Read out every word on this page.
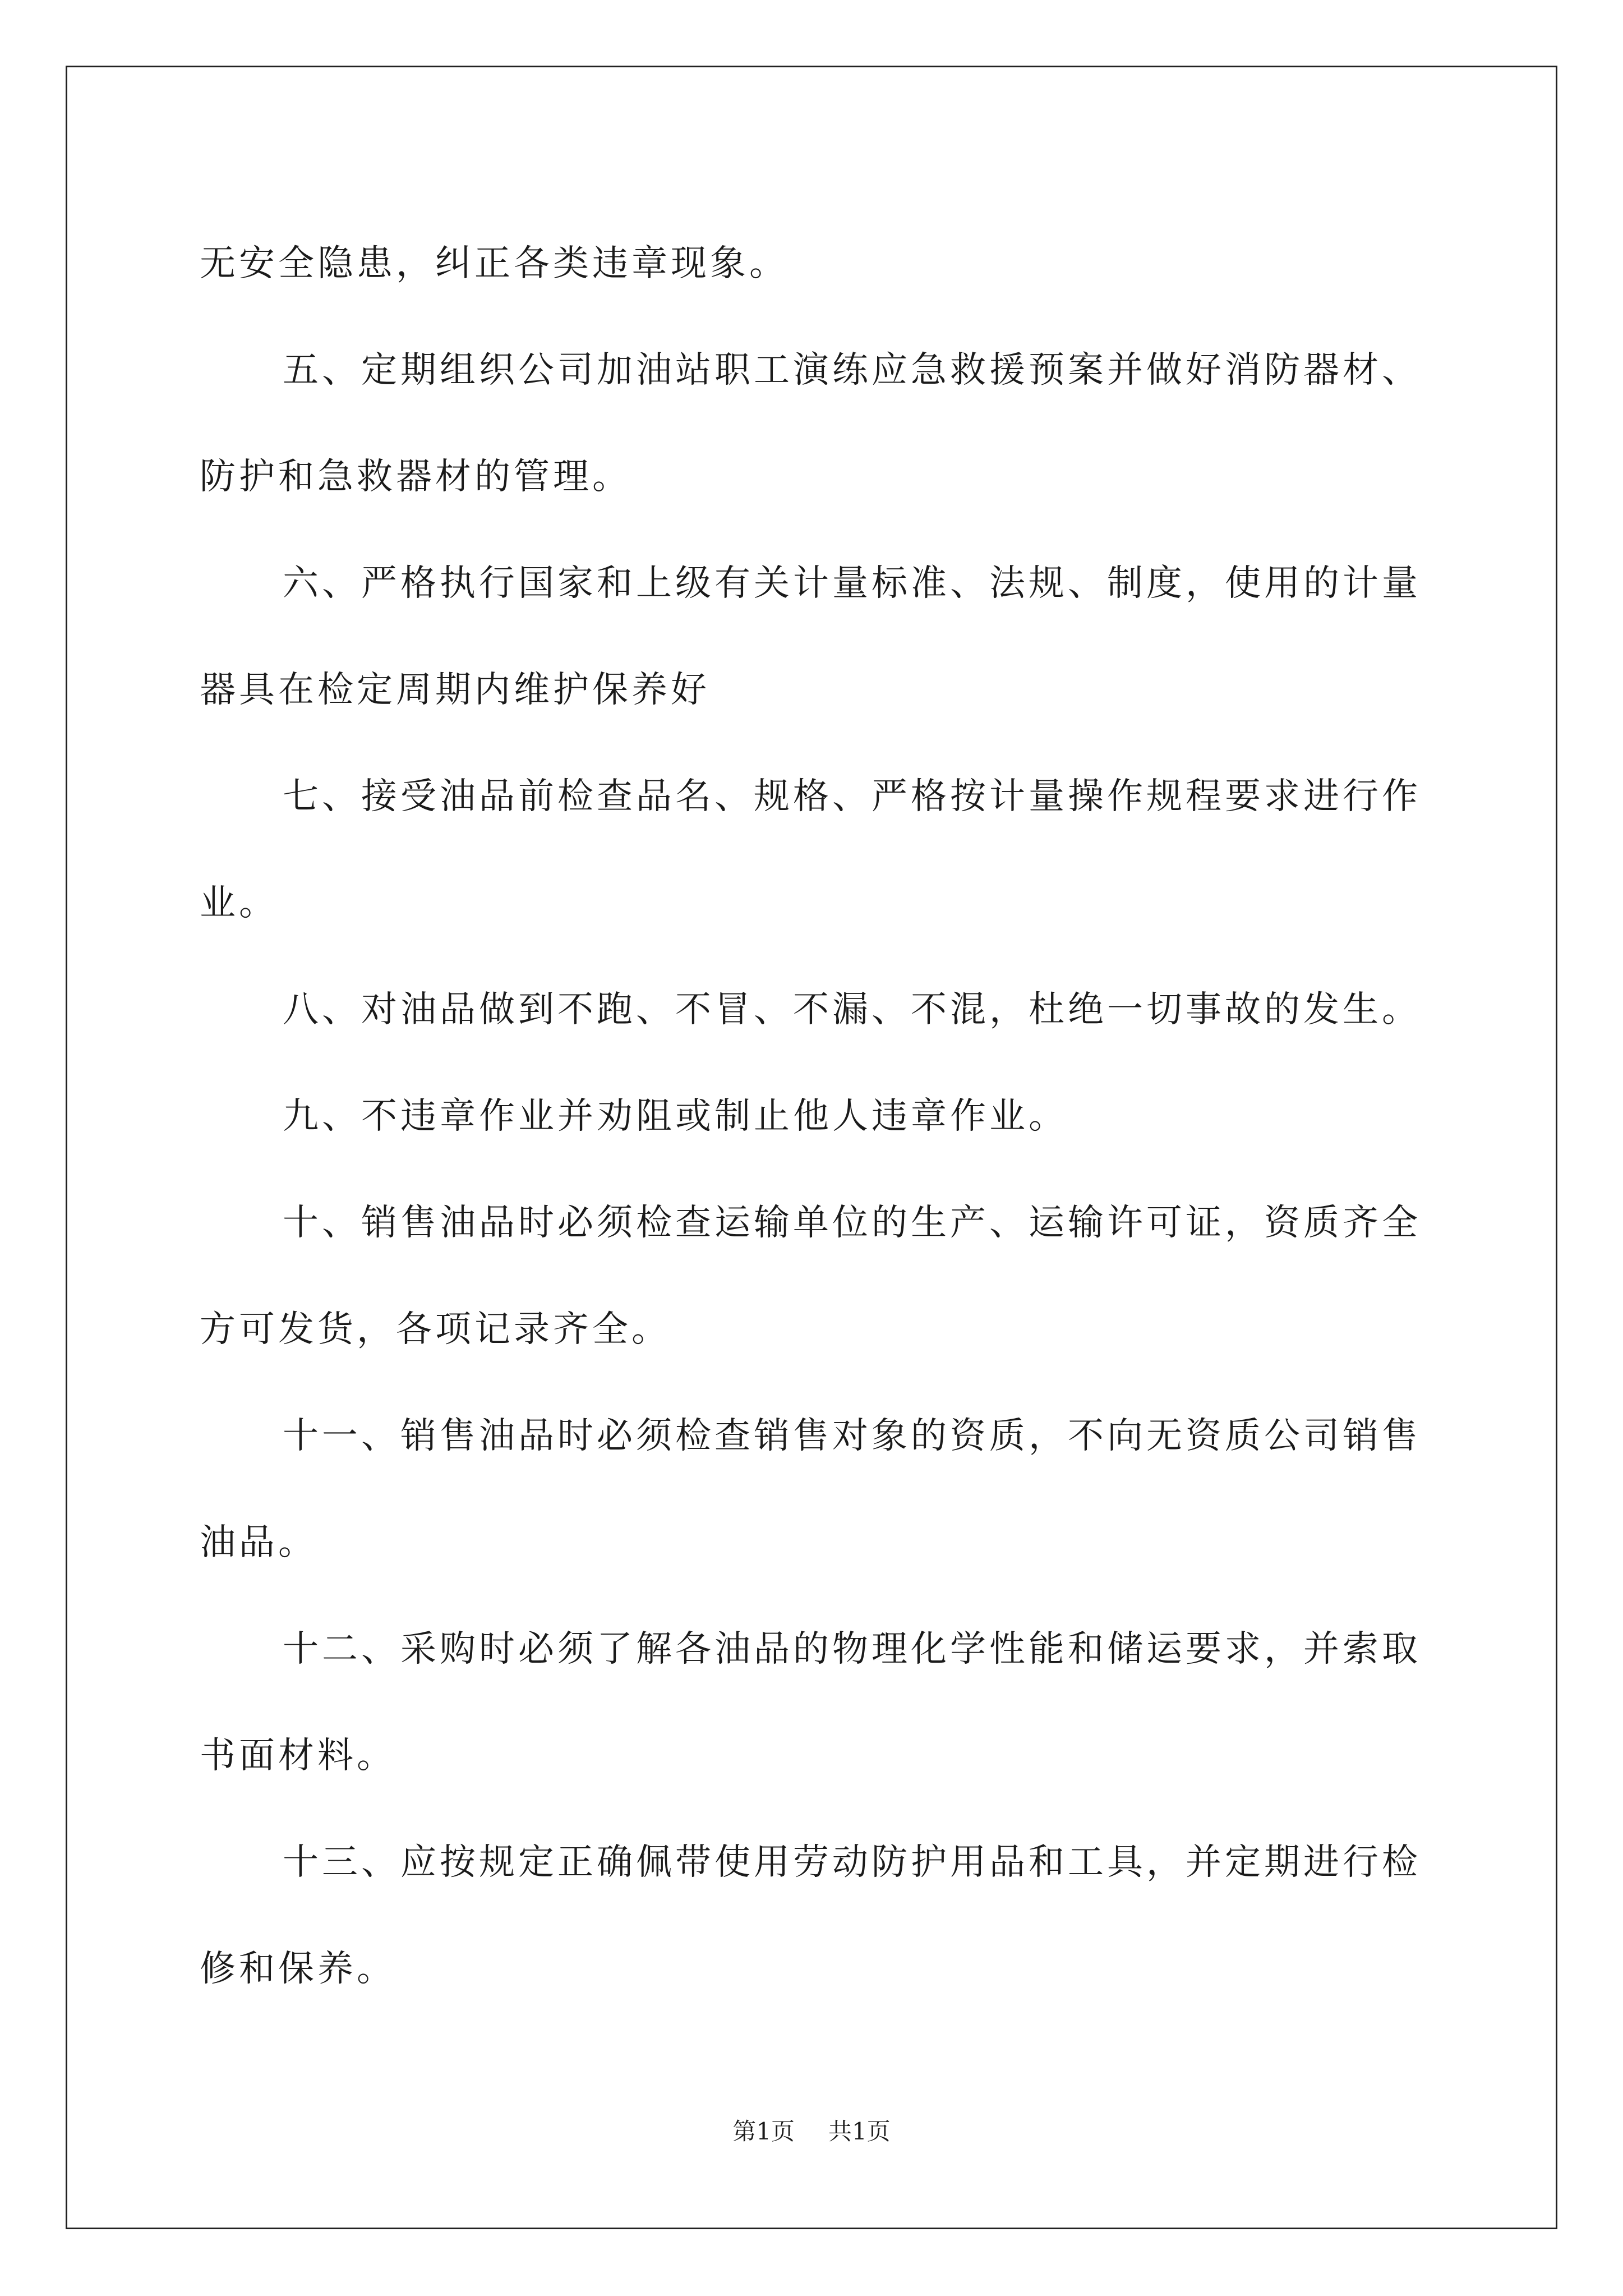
无安全隐患，纠正各类违章现象。

五、定期组织公司加油站职工演练应急救援预案并做好消防器材、防护和急救器材的管理。

六、严格执行国家和上级有关计量标准、法规、制度，使用的计量器具在检定周期内维护保养好

七、接受油品前检查品名、规格、严格按计量操作规程要求进行作业。

八、对油品做到不跑、不冒、不漏、不混，杜绝一切事故的发生。

九、不违章作业并劝阻或制止他人违章作业。

十、销售油品时必须检查运输单位的生产、运输许可证，资质齐全方可发货，各项记录齐全。

十一、销售油品时必须检查销售对象的资质，不向无资质公司销售油品。

十二、采购时必须了解各油品的物理化学性能和储运要求，并索取书面材料。

十三、应按规定正确佩带使用劳动防护用品和工具，并定期进行检修和保养。

第1页 共1页
